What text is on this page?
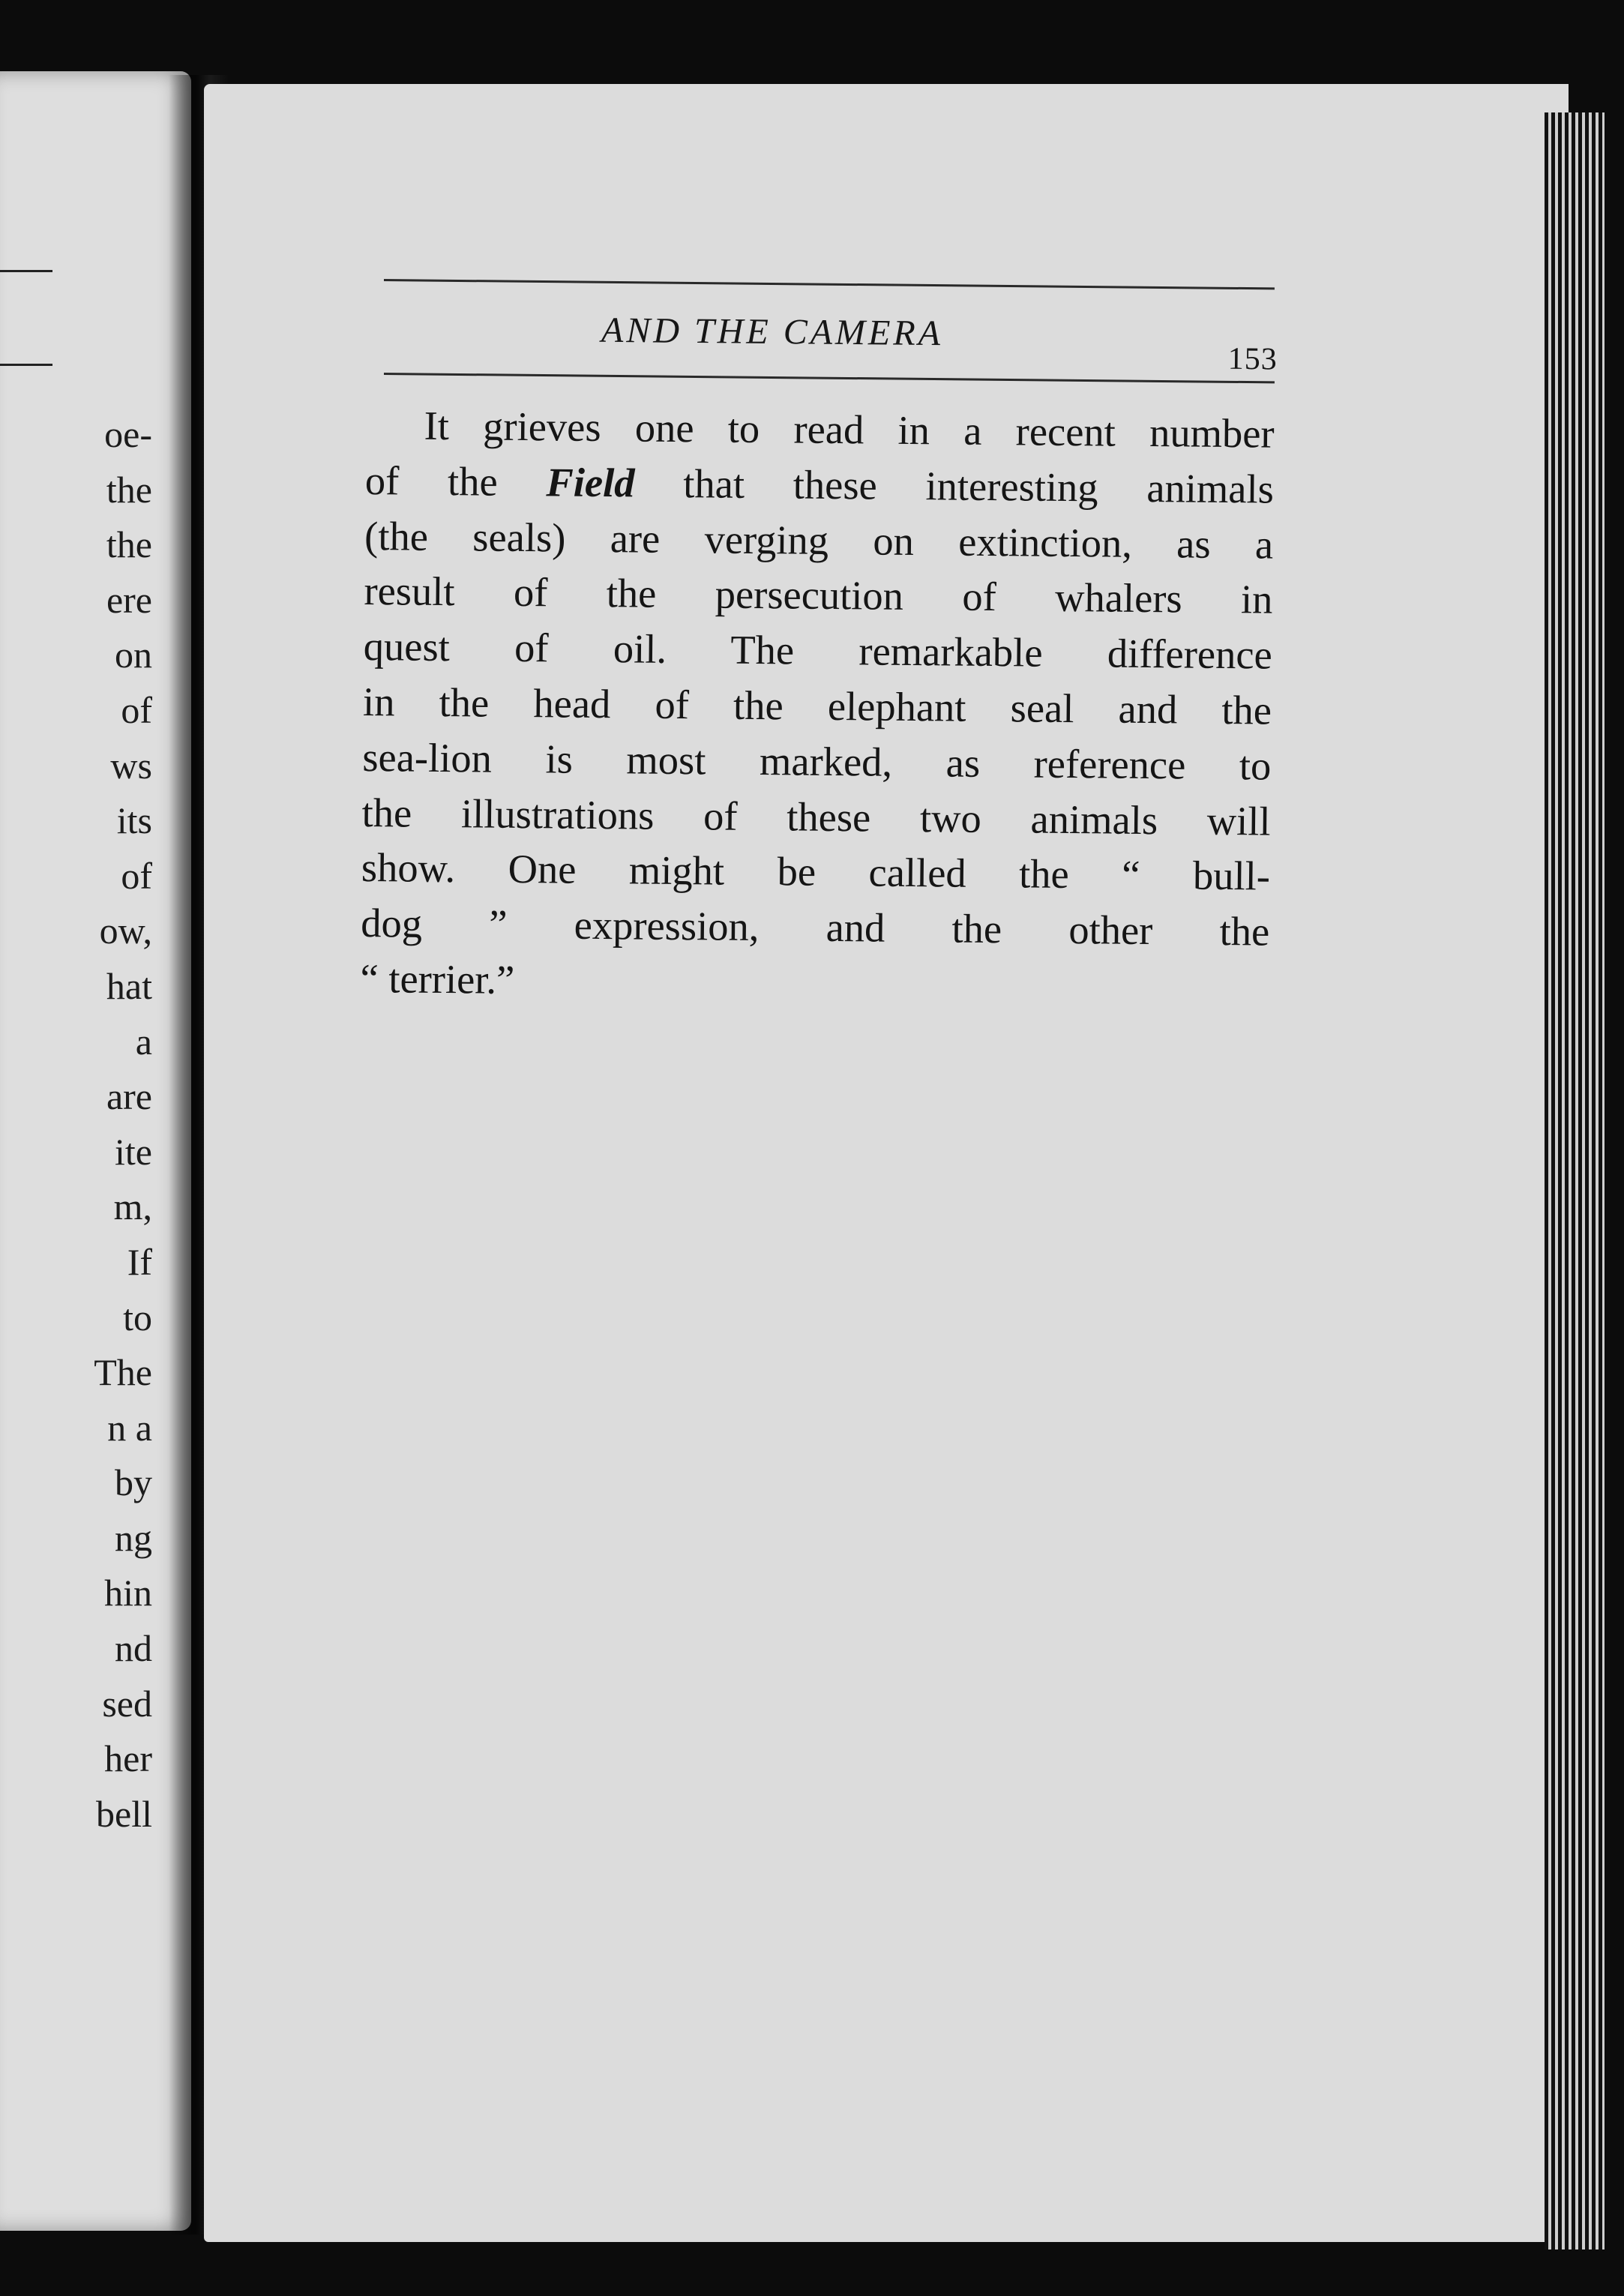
oe-
the
the
ere
on
of
ws
its
of
ow,
hat
a
are
ite
m,
If
to
The
n a
by
ng
hin
nd
sed
her
bell
AND THE CAMERA
153
It grieves one to read in a recent number
of the Field that these interesting animals
(the seals) are verging on extinction, as a
result of the persecution of whalers in
quest of oil. The remarkable difference
in the head of the elephant seal and the
sea-lion is most marked, as reference to
the illustrations of these two animals will
show. One might be called the “ bull-
dog ” expression, and the other the
“ terrier.”
